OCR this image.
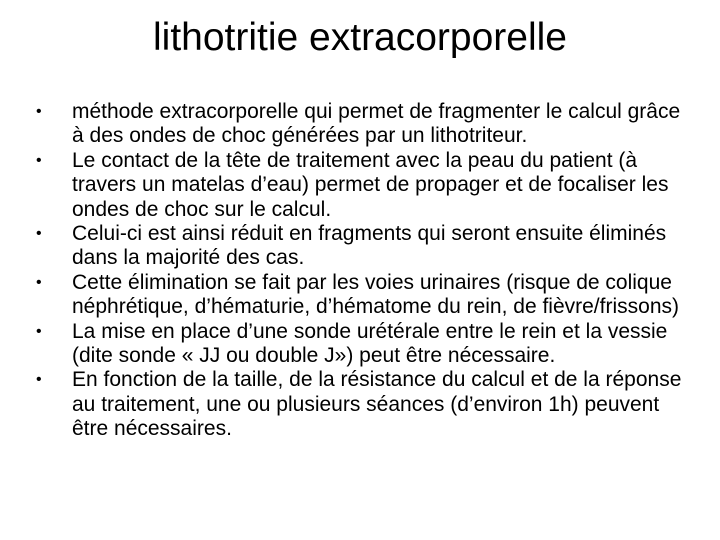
lithotritie extracorporelle
•	méthode extracorporelle qui permet de fragmenter le calcul grâce à des ondes de choc générées par un lithotriteur.
•	Le contact de la tête de traitement avec la peau du patient (à travers un matelas d’eau) permet de propager et de focaliser les ondes de choc sur le calcul.
•	Celui-ci est ainsi réduit en fragments qui seront ensuite éliminés dans la majorité des cas.
•	Cette élimination se fait par les voies urinaires (risque de colique néphrétique, d’hématurie, d’hématome du rein, de fièvre/frissons)
•	La mise en place d’une sonde urétérale entre le rein et la vessie (dite sonde « JJ ou double J») peut être nécessaire.
•	En fonction de la taille, de la résistance du calcul et de la réponse au traitement, une ou plusieurs séances (d’environ 1h) peuvent être nécessaires.
